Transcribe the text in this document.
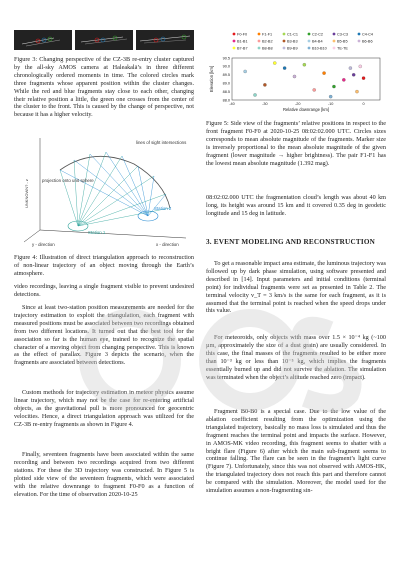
Figure 3: Changing perspective of the CZ-3B re-entry cluster captured by the all-sky AMOS camera at Haleakalā’s in three different chronologically ordered moments in time. The colored circles mark three fragments whose apparent position within the cluster changes. While the red and blue fragments stay close to each other, changing their relative position a little, the green one crosses from the center of the cluster to the front. This is caused by the change of perspective, not because it has a higher velocity.

lines of sight intersections
projection onto unit sphere
Station 1
Station 2
y - direction	x - direction
UNKNOWN? - z

Figure 4: Illustration of direct triangulation approach to reconstruction of non-linear trajectory of an object moving through the Earth’s atmosphere.

video recordings, leaving a single fragment visible to prevent undesired detections.

Since at least two-station position measurements are needed for the trajectory estimation to exploit the triangulation, each fragment with measured positions must be associated between two recordings obtained from two different locations. It turned out that the best tool for the association so far is the human eye, trained to recognize the spatial character of a moving object from changing perspective. This is known as the effect of parallax. Figure 3 depicts the scenario, when the fragments are associated between detections.

Custom methods for trajectory estimation in meteor physics assume linear trajectory, which may not be the case for re-entering artificial objects, as the gravitational pull is more pronounced for geocentric velocities. Hence, a direct triangulation approach was utilized for the CZ-3B re-entry fragments as shown in Figure 4.

Finally, seventeen fragments have been associated within the same recording and between two recordings acquired from two different stations. For these the 3D trajectory was constructed. In Figure 5 is plotted side view of the seventeen fragments, which were associated with the relative downrange to fragment F0-F0 as a function of elevation. For the time of observation 2020-10-25

F0-F0	F1-F1	C1-C1	C2-C2	C3-C3	C4-C4
B1-B1	B2-B2	B3-B3	B4-B4	B5-B5	B6-B6
B7-B7	B8-B8	B9-B9	B10-B10	TE-TE
-40	-30	-20	-10	0
88.0
88.5
89.0
89.5
90.0
90.5
Relative downrange [km]
Elevation [km]

Figure 5: Side view of the fragments’ relative positions in respect to the front fragment F0-F0 at 2020-10-25 08:02:02.000 UTC. Circles sizes corresponds to mean absolute magnitude of the fragments. Marker size is inversely proportional to the mean absolute magnitude of the given fragment (lower magnitude → higher brightness). The pair F1-F1 has the lowest mean absolute magnitude (1.392 mag).

08:02:02.000 UTC the fragmentation cloud’s length was about 40 km long, its height was around 15 km and it covered 0.35 deg in geodetic longitude and 15 deg in latitude.

3. EVENT MODELING AND RECONSTRUCTION

To get a reasonable impact area estimate, the luminous trajectory was followed up by dark phase simulation, using software presented and described in [14]. Input parameters and initial conditions (terminal point) for individual fragments were set as presented in Table 2. The terminal velocity v_T = 3 km/s is the same for each fragment, as it is assumed that the terminal point is reached when the speed drops under this value.

For meteoroids, only objects with mass over 1.5 × 10⁻⁴ kg (~100 µm, approximately the size of a dust grain) are usually considered. In this case, the final masses of the fragments resulted to be either more than 10⁻³ kg or less than 10⁻⁵ kg, which implies the fragments essentially burned up and did not survive the ablation. The simulation was terminated when the object’s altitude reached zero (impact).

Fragment B0-B0 is a special case. Due to the low value of the ablation coefficient resulting from the optimization using the triangulated trajectory, basically no mass loss is simulated and thus the fragment reaches the terminal point and impacts the surface. However, in AMOS-MK video recording, this fragment seems to shatter with a bright flare (Figure 6) after which the main sub-fragment seems to continue falling. The flare can be seen in the fragment’s light curve (Figure 7). Unfortunately, since this was not observed with AMOS-HK, the triangulated trajectory does not reach this part and therefore cannot be compared with the simulation. Moreover, the model used for the simulation assumes a non-fragmenting sin-
